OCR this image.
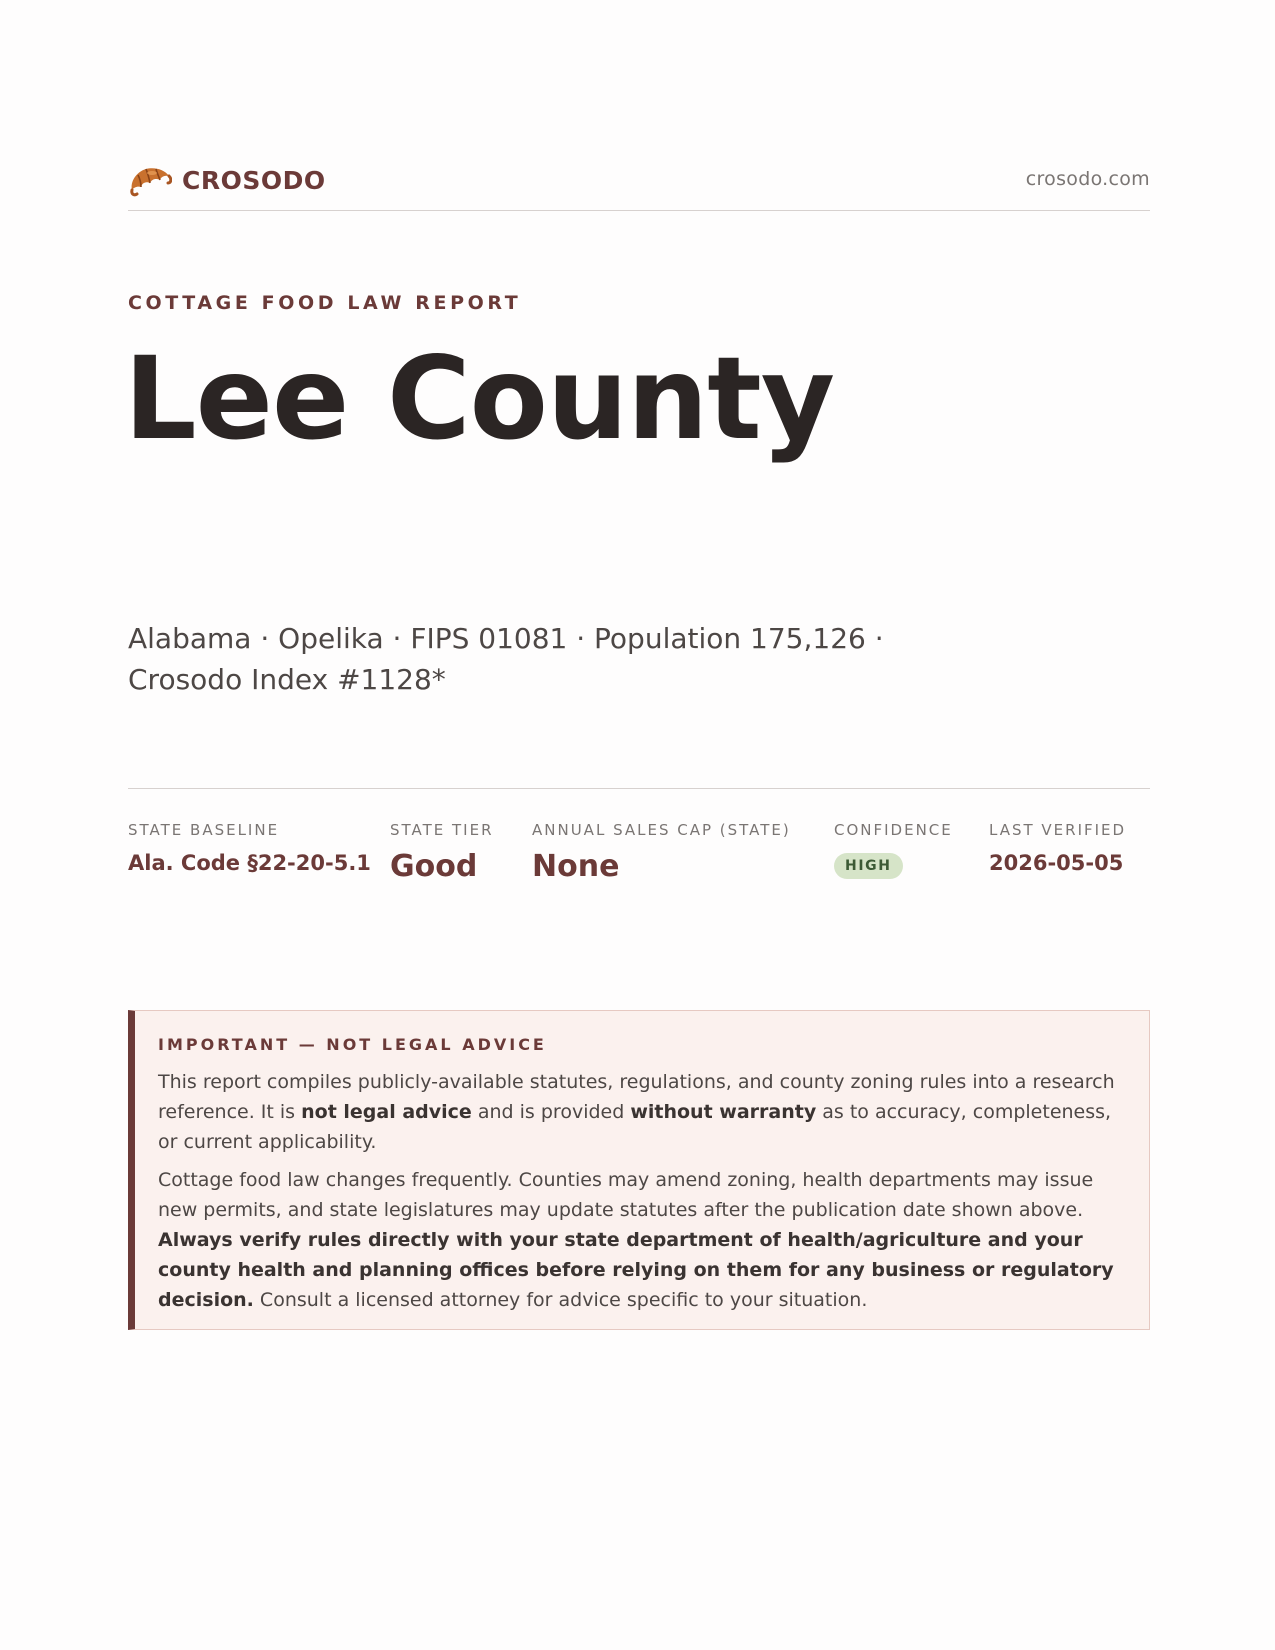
CROSODO	crosodo.com
COTTAGE FOOD LAW REPORT
Lee County
Alabama · Opelika · FIPS 01081 · Population 175,126 ·
Crosodo Index #1128*
STATE BASELINE
Ala. Code §22-20-5.1
STATE TIER
Good
ANNUAL SALES CAP (STATE)
None
CONFIDENCE
HIGH
LAST VERIFIED
2026-05-05
IMPORTANT — NOT LEGAL ADVICE

This report compiles publicly-available statutes, regulations, and county zoning rules into a research reference. It is not legal advice and is provided without warranty as to accuracy, completeness, or current applicability.

Cottage food law changes frequently. Counties may amend zoning, health departments may issue new permits, and state legislatures may update statutes after the publication date shown above. Always verify rules directly with your state department of health/agriculture and your county health and planning offices before relying on them for any business or regulatory decision. Consult a licensed attorney for advice specific to your situation.
